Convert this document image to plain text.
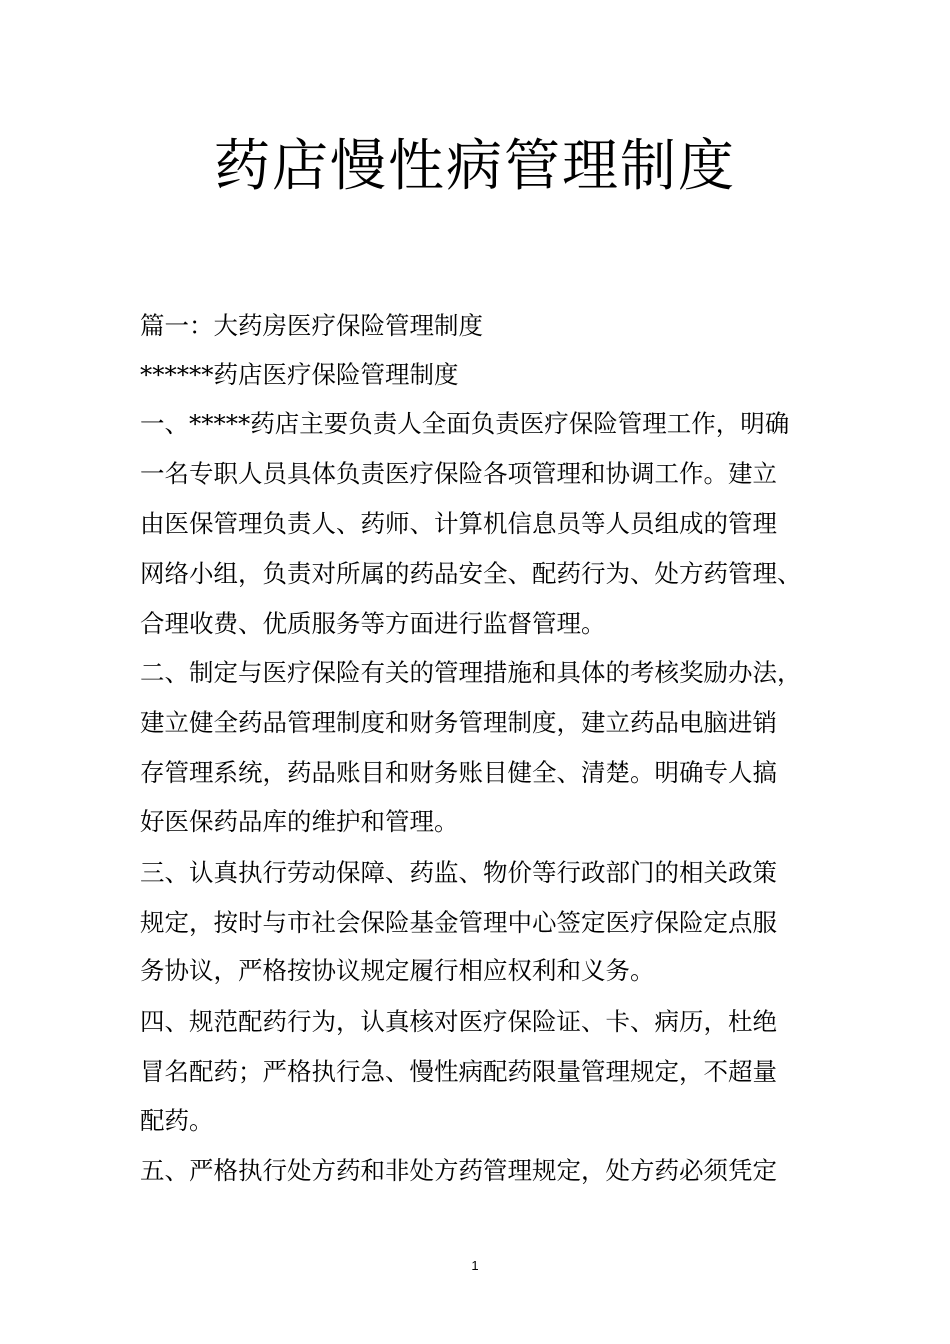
药店慢性病管理制度

篇一：大药房医疗保险管理制度

******药店医疗保险管理制度

一、*****药店主要负责人全面负责医疗保险管理工作，明确

一名专职人员具体负责医疗保险各项管理和协调工作。建立

由医保管理负责人、药师、计算机信息员等人员组成的管理

网络小组，负责对所属的药品安全、配药行为、处方药管理、

合理收费、优质服务等方面进行监督管理。

二、制定与医疗保险有关的管理措施和具体的考核奖励办法，

建立健全药品管理制度和财务管理制度，建立药品电脑进销

存管理系统，药品账目和财务账目健全、清楚。明确专人搞

好医保药品库的维护和管理。

三、认真执行劳动保障、药监、物价等行政部门的相关政策

规定，按时与市社会保险基金管理中心签定医疗保险定点服

务协议，严格按协议规定履行相应权利和义务。

四、规范配药行为，认真核对医疗保险证、卡、病历，杜绝

冒名配药；严格执行急、慢性病配药限量管理规定，不超量

配药。

五、严格执行处方药和非处方药管理规定，处方药必须凭定

1
